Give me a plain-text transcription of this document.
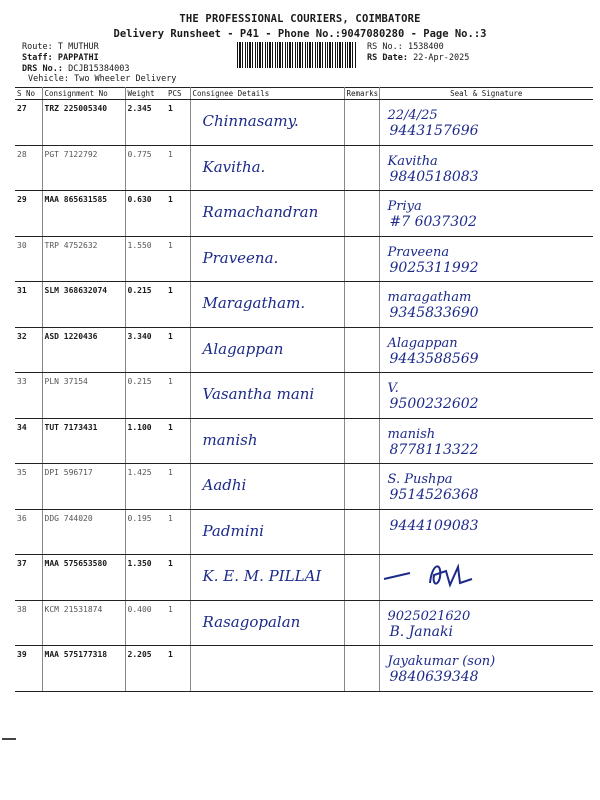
THE PROFESSIONAL COURIERS, COIMBATORE
Delivery Runsheet - P41 - Phone No.:9047080280 - Page No.:3
Route: T MUTHUR
Staff: PAPPATHI
DRS No.: DCJB15384003
Vehicle: Two Wheeler Delivery
RS No.: 1538400
RS Date: 22-Apr-2025
S No	Consignment No	Weight	PCS	Consignee Details	Remarks	Seal & Signature
27	TRZ 225005340	2.345	1	Chinnasamy.		22/4/25
9443157696

28	PGT 7122792	0.775	1	Kavitha.		Kavitha
9840518083

29	MAA 865631585	0.630	1	Ramachandran		Priya
#7 6037302

30	TRP 4752632	1.550	1	Praveena.		Praveena
9025311992

31	SLM 368632074	0.215	1	Maragatham.		maragatham
9345833690

32	ASD 1220436	3.340	1	Alagappan		Alagappan
9443588569

33	PLN 37154	0.215	1	Vasantha mani		V.
9500232602

34	TUT 7173431	1.100	1	manish		manish
8778113322

35	DPI 596717	1.425	1	Aadhi		S. Pushpa
9514526368

36	DDG 744020	0.195	1	Padmini		9444109083

37	MAA 575653580	1.350	1	K. E. M. PILLAI

38	KCM 21531874	0.400	1	Rasagopalan		9025021620
B. Janaki

39	MAA 575177318	2.205	1			Jayakumar (son)
9840639348
